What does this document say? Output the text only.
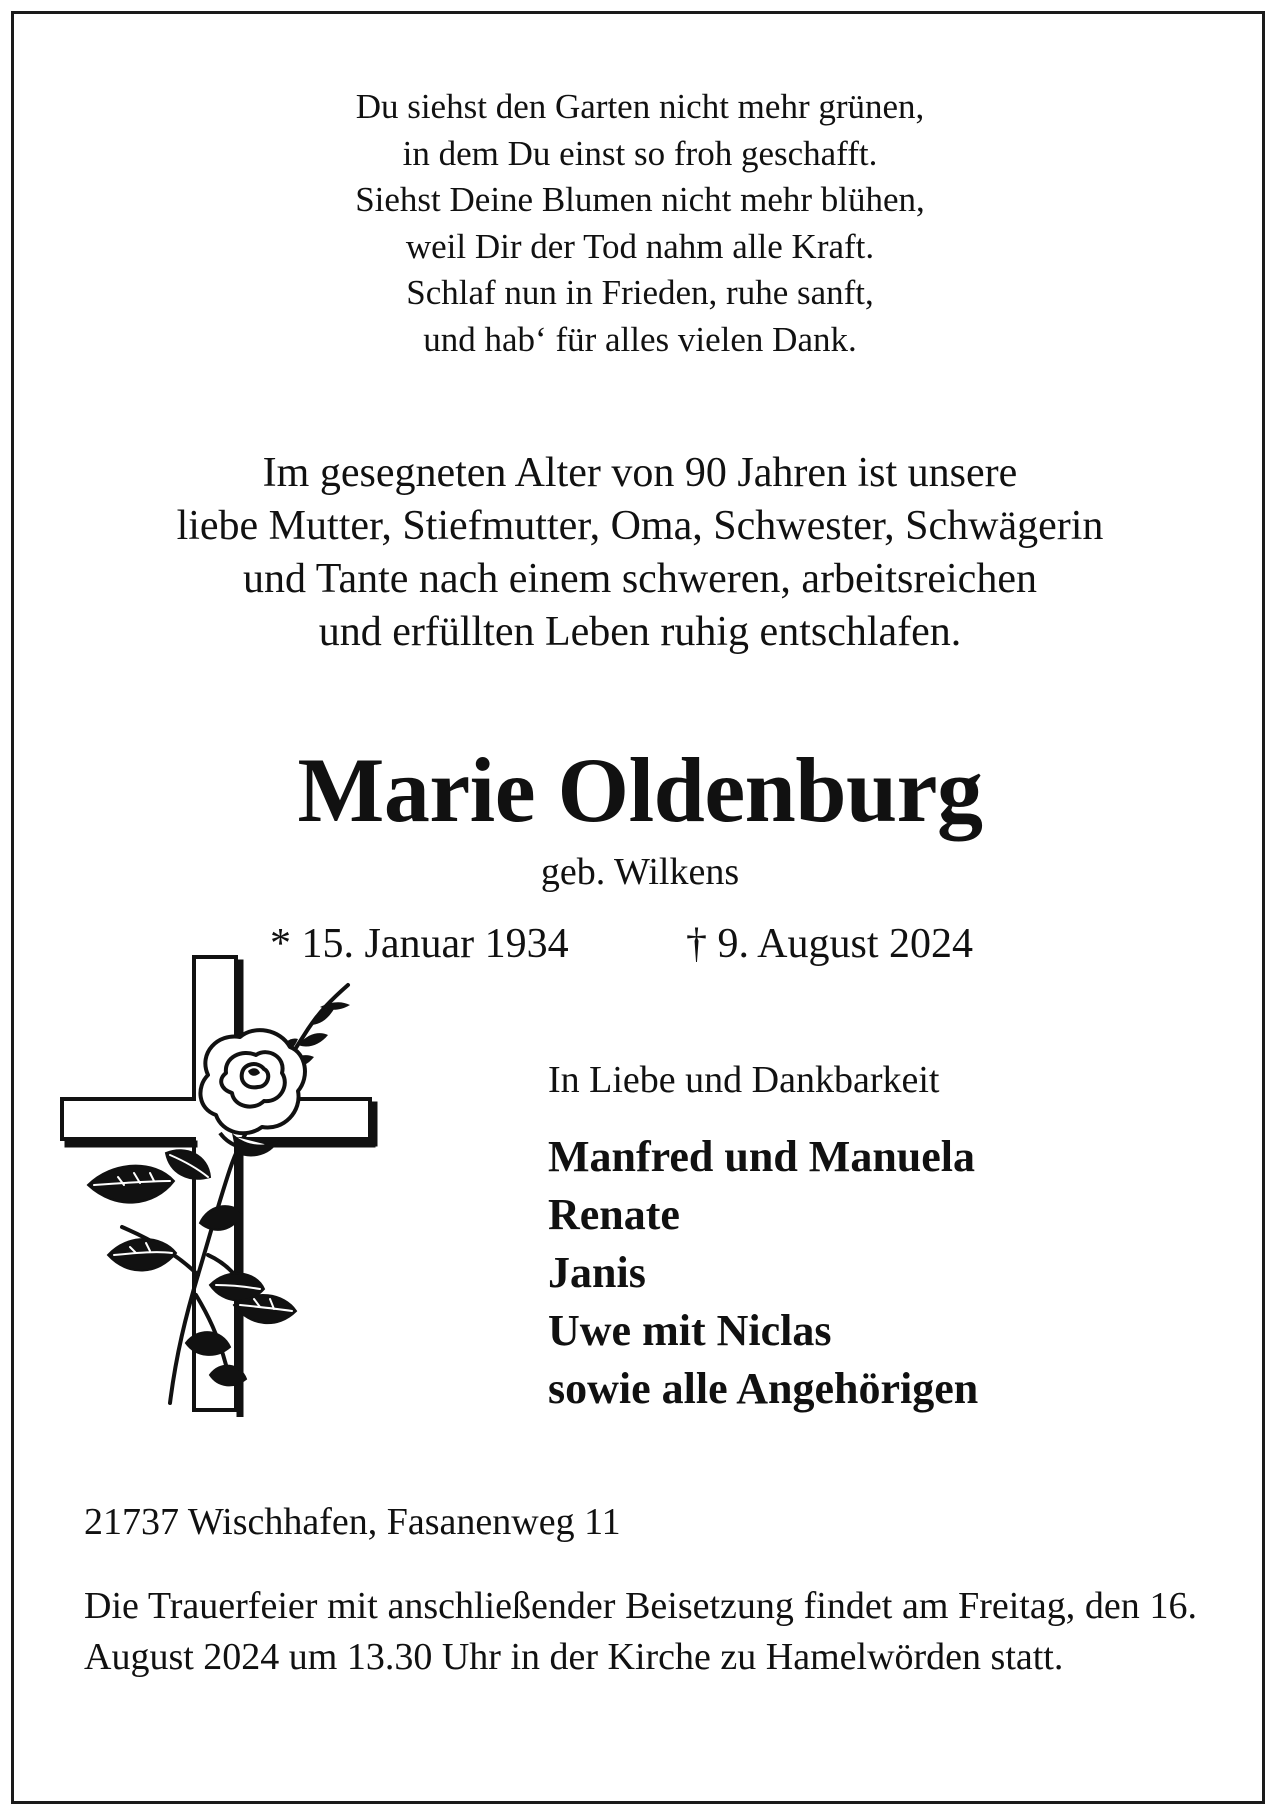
Du siehst den Garten nicht mehr grünen,
in dem Du einst so froh geschafft.
Siehst Deine Blumen nicht mehr blühen,
weil Dir der Tod nahm alle Kraft.
Schlaf nun in Frieden, ruhe sanft,
und hab‘ für alles vielen Dank.
Im gesegneten Alter von 90 Jahren ist unsere
liebe Mutter, Stiefmutter, Oma, Schwester, Schwägerin
und Tante nach einem schweren, arbeitsreichen
und erfüllten Leben ruhig entschlafen.
Marie Oldenburg
geb. Wilkens
* 15. Januar 1934	† 9. August 2024
In Liebe und Dankbarkeit
Manfred und Manuela
Renate
Janis
Uwe mit Niclas
sowie alle Angehörigen
21737 Wischhafen, Fasanenweg 11
Die Trauerfeier mit anschließender Beisetzung findet am Freitag, den 16. August 2024 um 13.30 Uhr in der Kirche zu Hamelwörden statt.
